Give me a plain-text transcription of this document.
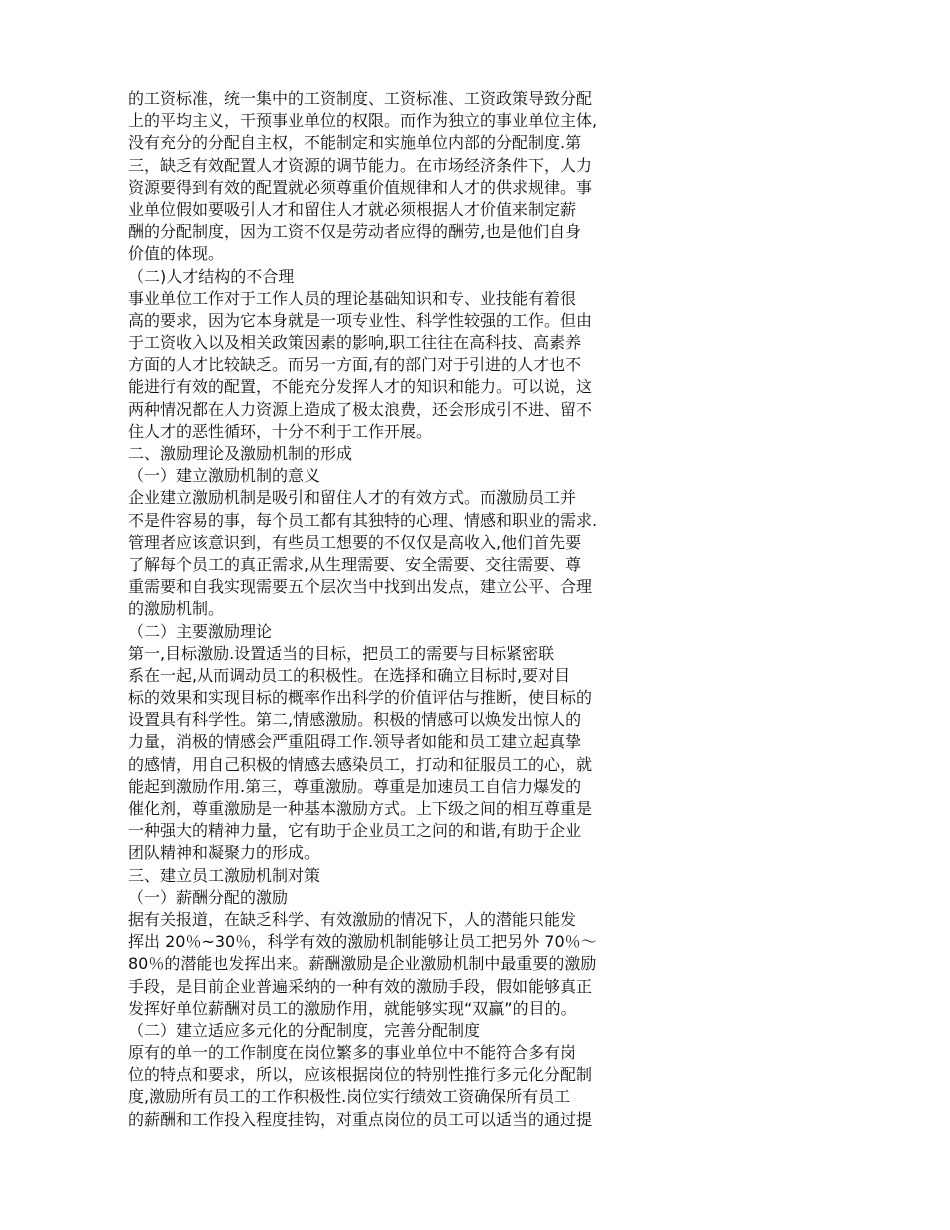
的工资标准，统一集中的工资制度、工资标准、工资政策导致分配
上的平均主义，干预事业单位的权限。而作为独立的事业单位主体,
没有充分的分配自主权，不能制定和实施单位内部的分配制度.第
三，缺乏有效配置人才资源的调节能力。在市场经济条件下，人力
资源要得到有效的配置就必须尊重价值规律和人才的供求规律。事
业单位假如要吸引人才和留住人才就必须根据人才价值来制定薪
酬的分配制度，因为工资不仅是劳动者应得的酬劳,也是他们自身
价值的体现。
（二)人才结构的不合理
事业单位工作对于工作人员的理论基础知识和专、业技能有着很
高的要求，因为它本身就是一项专业性、科学性较强的工作。但由
于工资收入以及相关政策因素的影响,职工往往在高科技、高素养
方面的人才比较缺乏。而另一方面,有的部门对于引进的人才也不
能进行有效的配置，不能充分发挥人才的知识和能力。可以说，这
两种情况都在人力资源上造成了极太浪费，还会形成引不进、留不
住人才的恶性循环，十分不利于工作开展。
二、激励理论及激励机制的形成
（一）建立激励机制的意义
企业建立激励机制是吸引和留住人才的有效方式。而激励员工并
不是件容易的事，每个员工都有其独特的心理、情感和职业的需求.
管理者应该意识到，有些员工想要的不仅仅是高收入,他们首先要
了解每个员工的真正需求,从生理需要、安全需要、交往需要、尊
重需要和自我实现需要五个层次当中找到出发点，建立公平、合理
的激励机制。
（二）主要激励理论
第一,目标激励.设置适当的目标，把员工的需要与目标紧密联
系在一起,从而调动员工的积极性。在选择和确立目标时,要对目
标的效果和实现目标的概率作出科学的价值评估与推断，使目标的
设置具有科学性。第二,情感激励。积极的情感可以焕发出惊人的
力量，消极的情感会严重阻碍工作.领导者如能和员工建立起真挚
的感情，用自己积极的情感去感染员工，打动和征服员工的心，就
能起到激励作用.第三，尊重激励。尊重是加速员工自信力爆发的
催化剂，尊重激励是一种基本激励方式。上下级之间的相互尊重是
一种强大的精神力量，它有助于企业员工之问的和谐,有助于企业
团队精神和凝聚力的形成。
三、建立员工激励机制对策
（一）薪酬分配的激励
据有关报道，在缺乏科学、有效激励的情况下，人的潜能只能发
挥出 20％~30％，科学有效的激励机制能够让员工把另外 70％～
80％的潜能也发挥出来。薪酬激励是企业激励机制中最重要的激励
手段，是目前企业普遍采纳的一种有效的激励手段，假如能够真正
发挥好单位薪酬对员工的激励作用，就能够实现“双赢”的目的。
（二）建立适应多元化的分配制度，完善分配制度
原有的单一的工作制度在岗位繁多的事业单位中不能符合多有岗
位的特点和要求，所以，应该根据岗位的特别性推行多元化分配制
度,激励所有员工的工作积极性.岗位实行绩效工资确保所有员工
的薪酬和工作投入程度挂钩，对重点岗位的员工可以适当的通过提
